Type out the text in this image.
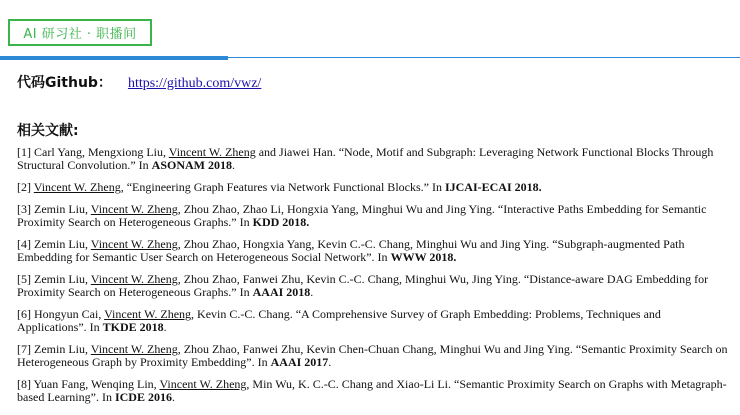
AI 研习社 · 职播间
代码Github： https://github.com/vwz/
相关文献:

[1] Carl Yang, Mengxiong Liu, Vincent W. Zheng and Jiawei Han. “Node, Motif and Subgraph: Leveraging Network Functional Blocks Through Structural Convolution.” In ASONAM 2018.

[2] Vincent W. Zheng, “Engineering Graph Features via Network Functional Blocks.” In IJCAI-ECAI 2018.

[3] Zemin Liu, Vincent W. Zheng, Zhou Zhao, Zhao Li, Hongxia Yang, Minghui Wu and Jing Ying. “Interactive Paths Embedding for Semantic Proximity Search on Heterogeneous Graphs.” In KDD 2018.

[4] Zemin Liu, Vincent W. Zheng, Zhou Zhao, Hongxia Yang, Kevin C.-C. Chang, Minghui Wu and Jing Ying. “Subgraph-augmented Path Embedding for Semantic User Search on Heterogeneous Social Network”. In WWW 2018.

[5] Zemin Liu, Vincent W. Zheng, Zhou Zhao, Fanwei Zhu, Kevin C.-C. Chang, Minghui Wu, Jing Ying. “Distance-aware DAG Embedding for Proximity Search on Heterogeneous Graphs.” In AAAI 2018.

[6] Hongyun Cai, Vincent W. Zheng, Kevin C.-C. Chang. “A Comprehensive Survey of Graph Embedding: Problems, Techniques and Applications”. In TKDE 2018.

[7] Zemin Liu, Vincent W. Zheng, Zhou Zhao, Fanwei Zhu, Kevin Chen-Chuan Chang, Minghui Wu and Jing Ying. “Semantic Proximity Search on Heterogeneous Graph by Proximity Embedding”. In AAAI 2017.

[8] Yuan Fang, Wenqing Lin, Vincent W. Zheng, Min Wu, K. C.-C. Chang and Xiao-Li Li. “Semantic Proximity Search on Graphs with Metagraph-based Learning”. In ICDE 2016.
